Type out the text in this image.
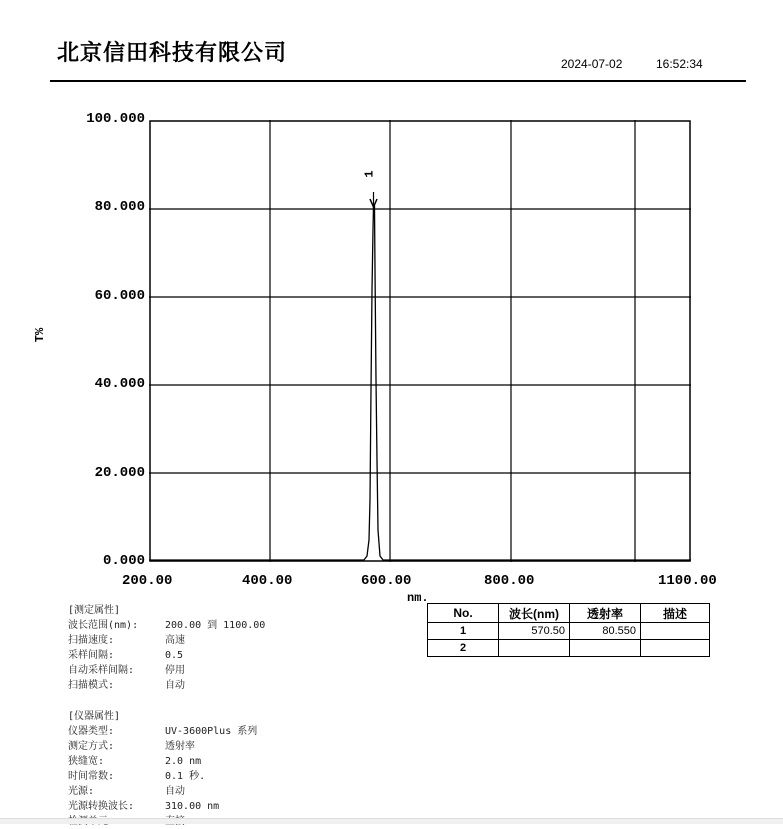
北京信田科技有限公司	2024-07-02	16:52:34
1
100.000
80.000
60.000
40.000
20.000
0.000
T%
200.00	400.00	600.00	800.00	1100.00
nm.
No.	波长(nm)	透射率	描述
1	570.50	80.550	
2			
[测定属性]
波长范围(nm):	200.00 到 1100.00
扫描速度:	高速
采样间隔:	0.5
自动采样间隔:	停用
扫描模式:	自动
[仪器属性]
仪器类型:	UV-3600Plus 系列
测定方式:	透射率
狭缝宽:	2.0 nm
时间常数:	0.1 秒.
光源:	自动
光源转换波长:	310.00 nm
